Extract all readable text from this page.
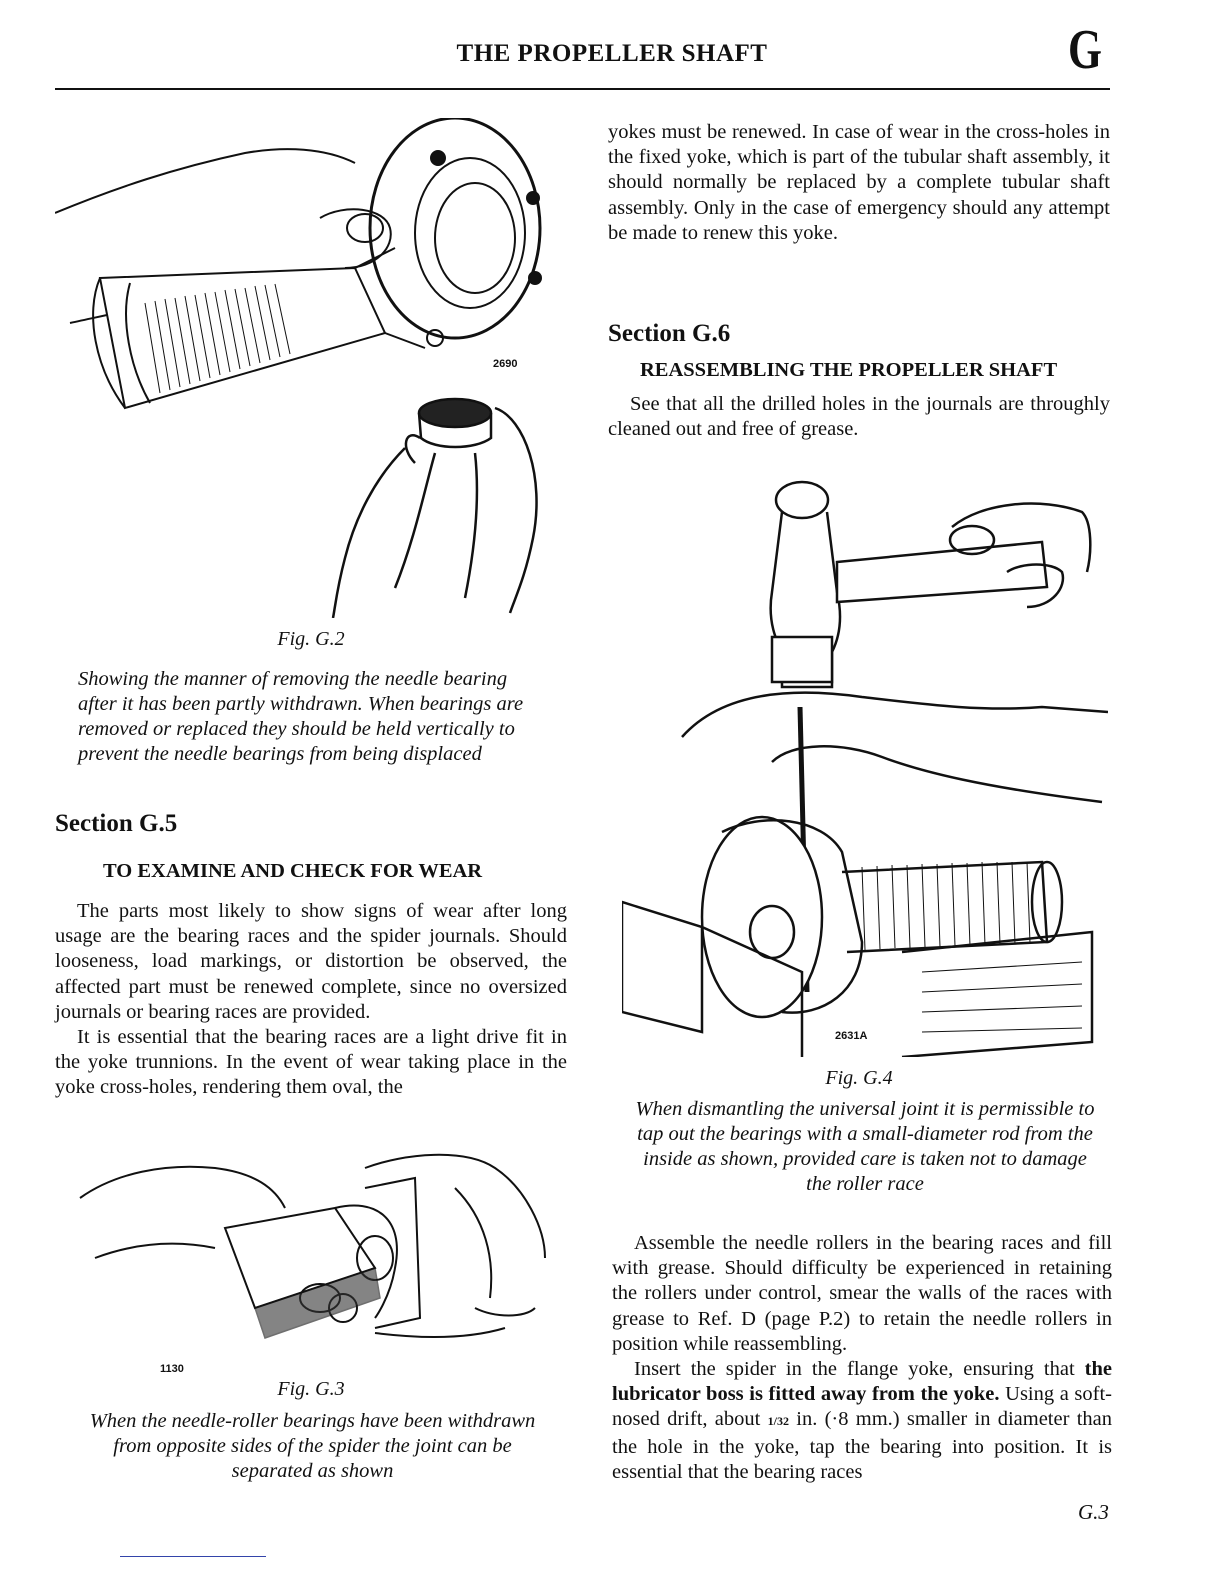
THE PROPELLER SHAFT	G
2690

Fig. G.2

Showing the manner of removing the needle bearing after it has been partly withdrawn. When bearings are removed or replaced they should be held vertically to prevent the needle bearings from being displaced

Section G.5

TO EXAMINE AND CHECK FOR WEAR

The parts most likely to show signs of wear after long usage are the bearing races and the spider journals. Should looseness, load markings, or distortion be observed, the affected part must be renewed complete, since no oversized journals or bearing races are provided.

It is essential that the bearing races are a light drive fit in the yoke trunnions. In the event of wear taking place in the yoke cross-holes, rendering them oval, the

1130

Fig. G.3

When the needle-roller bearings have been withdrawn from opposite sides of the spider the joint can be separated as shown

yokes must be renewed. In case of wear in the cross-holes in the fixed yoke, which is part of the tubular shaft assembly, it should normally be replaced by a complete tubular shaft assembly. Only in the case of emergency should any attempt be made to renew this yoke.

Section G.6

REASSEMBLING THE PROPELLER SHAFT

See that all the drilled holes in the journals are throughly cleaned out and free of grease.

2631A

Fig. G.4

When dismantling the universal joint it is permissible to tap out the bearings with a small-diameter rod from the inside as shown, provided care is taken not to damage the roller race

Assemble the needle rollers in the bearing races and fill with grease. Should difficulty be experienced in retaining the rollers under control, smear the walls of the races with grease to Ref. D (page P.2) to retain the needle rollers in position while reassembling.

Insert the spider in the flange yoke, ensuring that the lubricator boss is fitted away from the yoke. Using a soft-nosed drift, about 1/32 in. (·8 mm.) smaller in diameter than the hole in the yoke, tap the bearing into position. It is essential that the bearing races

G.3
